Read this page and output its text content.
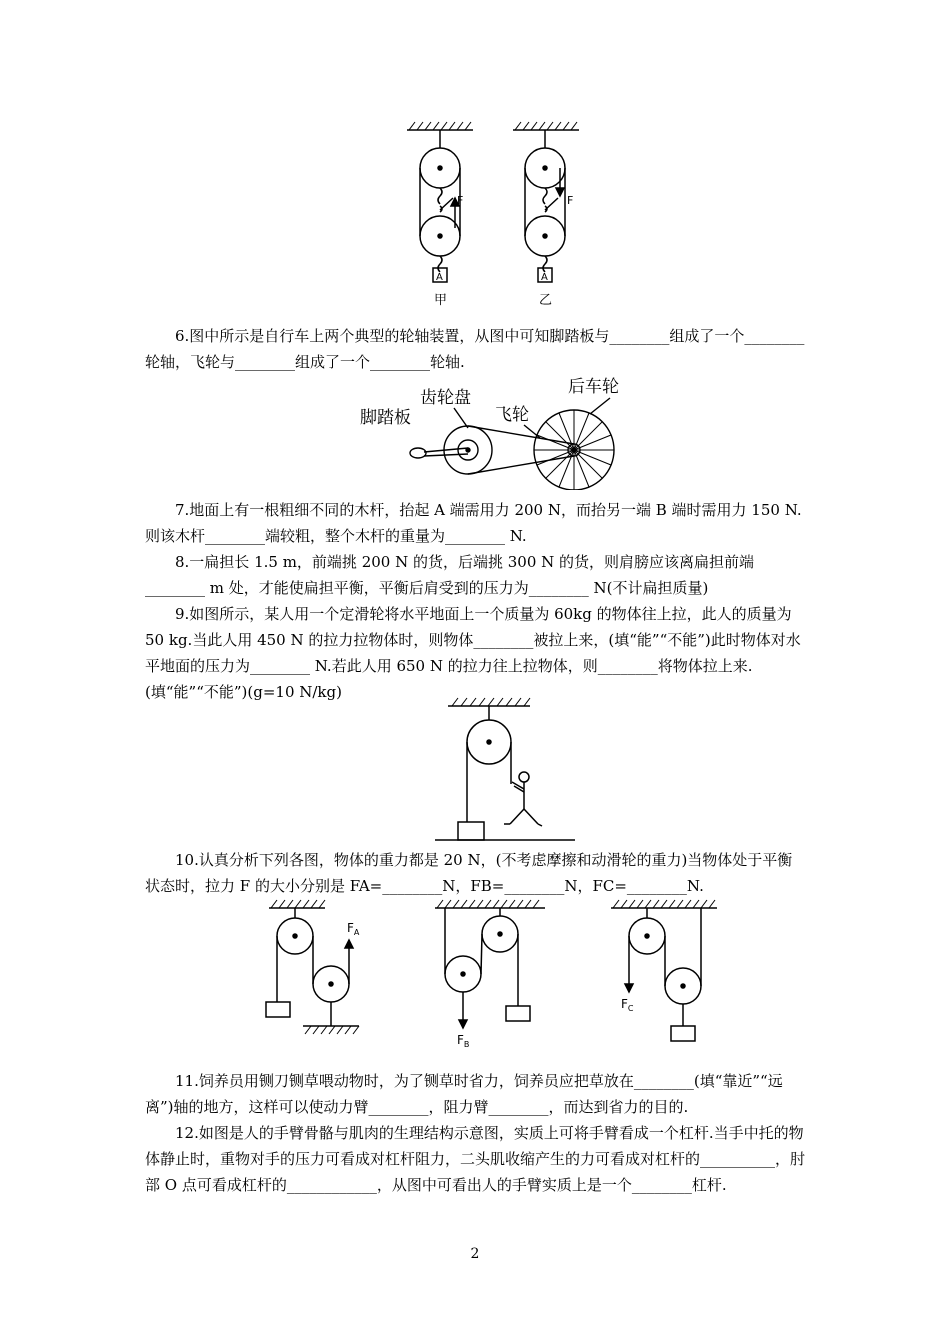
F	F
A	A
甲	乙

6.图中所示是自行车上两个典型的轮轴装置，从图中可知脚踏板与________组成了一个________轮轴，飞轮与________组成了一个________轮轴.

脚踏板
齿轮盘
飞轮
后车轮

7.地面上有一根粗细不同的木杆，抬起 A 端需用力 200 N，而抬另一端 B 端时需用力 150 N.则该木杆________端较粗，整个木杆的重量为________ N.

8.一扁担长 1.5 m，前端挑 200 N 的货，后端挑 300 N 的货，则肩膀应该离扁担前端________ m 处，才能使扁担平衡，平衡后肩受到的压力为________ N(不计扁担质量)

9.如图所示，某人用一个定滑轮将水平地面上一个质量为 60kg 的物体往上拉，此人的质量为 50 kg.当此人用 450 N 的拉力拉物体时，则物体________被拉上来，(填“能”“不能”)此时物体对水平地面的压力为________ N.若此人用 650 N 的拉力往上拉物体，则________将物体拉上来.(填“能”“不能”)(g=10 N/kg)

10.认真分析下列各图，物体的重力都是 20 N，(不考虑摩擦和动滑轮的重力)当物体处于平衡状态时，拉力 F 的大小分别是 FA=________N，FB=________N，FC=________N.

$F_A$
$F_B$
$F_C$

11.饲养员用铡刀铡草喂动物时，为了铡草时省力，饲养员应把草放在________(填“靠近”“远离”)轴的地方，这样可以使动力臂________，阻力臂________，而达到省力的目的.

12.如图是人的手臂骨骼与肌肉的生理结构示意图，实质上可将手臂看成一个杠杆.当手中托的物体静止时，重物对手的压力可看成对杠杆阻力，二头肌收缩产生的力可看成对杠杆的__________，肘部 O 点可看成杠杆的____________，从图中可看出人的手臂实质上是一个________杠杆.

2
